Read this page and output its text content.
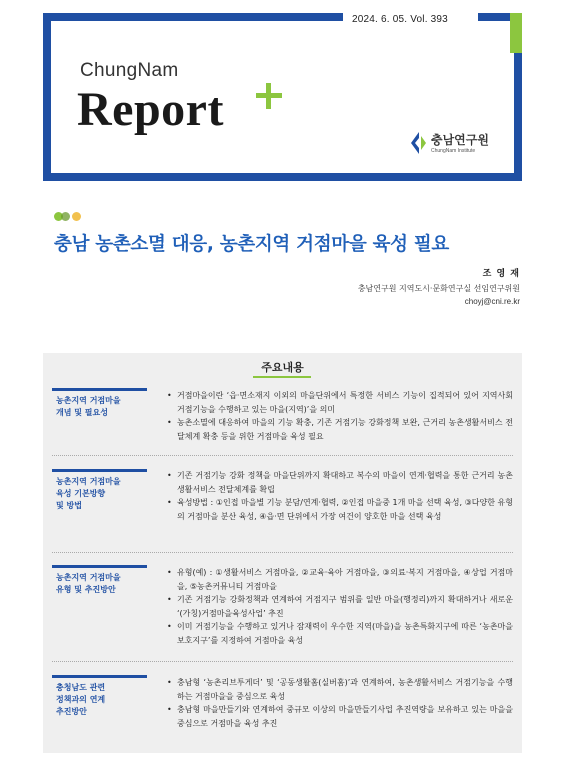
2024. 6. 05. Vol. 393
ChungNam
Report
충남연구원
ChungNam Institute
충남 농촌소멸 대응, 농촌지역 거점마을 육성 필요
조 영 재
충남연구원 지역도시·문화연구실 선임연구위원
choyj@cni.re.kr
주요내용
농촌지역 거점마을
개념 및 필요성
• 거점마을이란 ‘읍·면소재지 이외의 마을단위에서 특정한 서비스 기능이 집적되어 있어 지역사회 거점기능을 수행하고 있는 마을(지역)’을 의미
• 농촌소멸에 대응하여 마을의 기능 확충, 기존 거점기능 강화정책 보완, 근거리 농촌생활서비스 전달체계 확충 등을 위한 거점마을 육성 필요
농촌지역 거점마을
육성 기본방향
및 방법
• 기존 거점기능 강화 정책을 마을단위까지 확대하고 복수의 마을이 연계·협력을 통한 근거리 농촌생활서비스 전달체계를 확립
• 육성방법 : ①인접 마을별 기능 분담/연계·협력, ②인접 마을중 1개 마을 선택 육성, ③다양한 유형의 거점마을 분산 육성, ④읍·면 단위에서 가장 여건이 양호한 마을 선택 육성
농촌지역 거점마을
유형 및 추진방안
• 유형(예) : ①생활서비스 거점마을, ②교육·육아 거점마을, ③의료·복지 거점마을, ④상업 거점마을, ⑤농촌커뮤니티 거점마을
• 기존 거점기능 강화정책과 연계하여 거점지구 범위를 일반 마을(행정리)까지 확대하거나 새로운 ‘(가칭)거점마을육성사업’ 추진
• 이미 거점기능을 수행하고 있거나 잠재력이 우수한 지역(마을)을 농촌특화지구에 따른 ‘농촌마을보호지구’를 지정하여 거점마을 육성
충청남도 관련
정책과의 연계
추진방안
• 충남형 ‘농촌리브투게더’ 및 ‘공동생활홈(실버홈)’과 연계하여, 농촌생활서비스 거점기능을 수행하는 거점마을을 중심으로 육성
• 충남형 마을만들기와 연계하여 중규모 이상의 마을만들기사업 추진역량을 보유하고 있는 마을을 중심으로 거점마을 육성 추진
